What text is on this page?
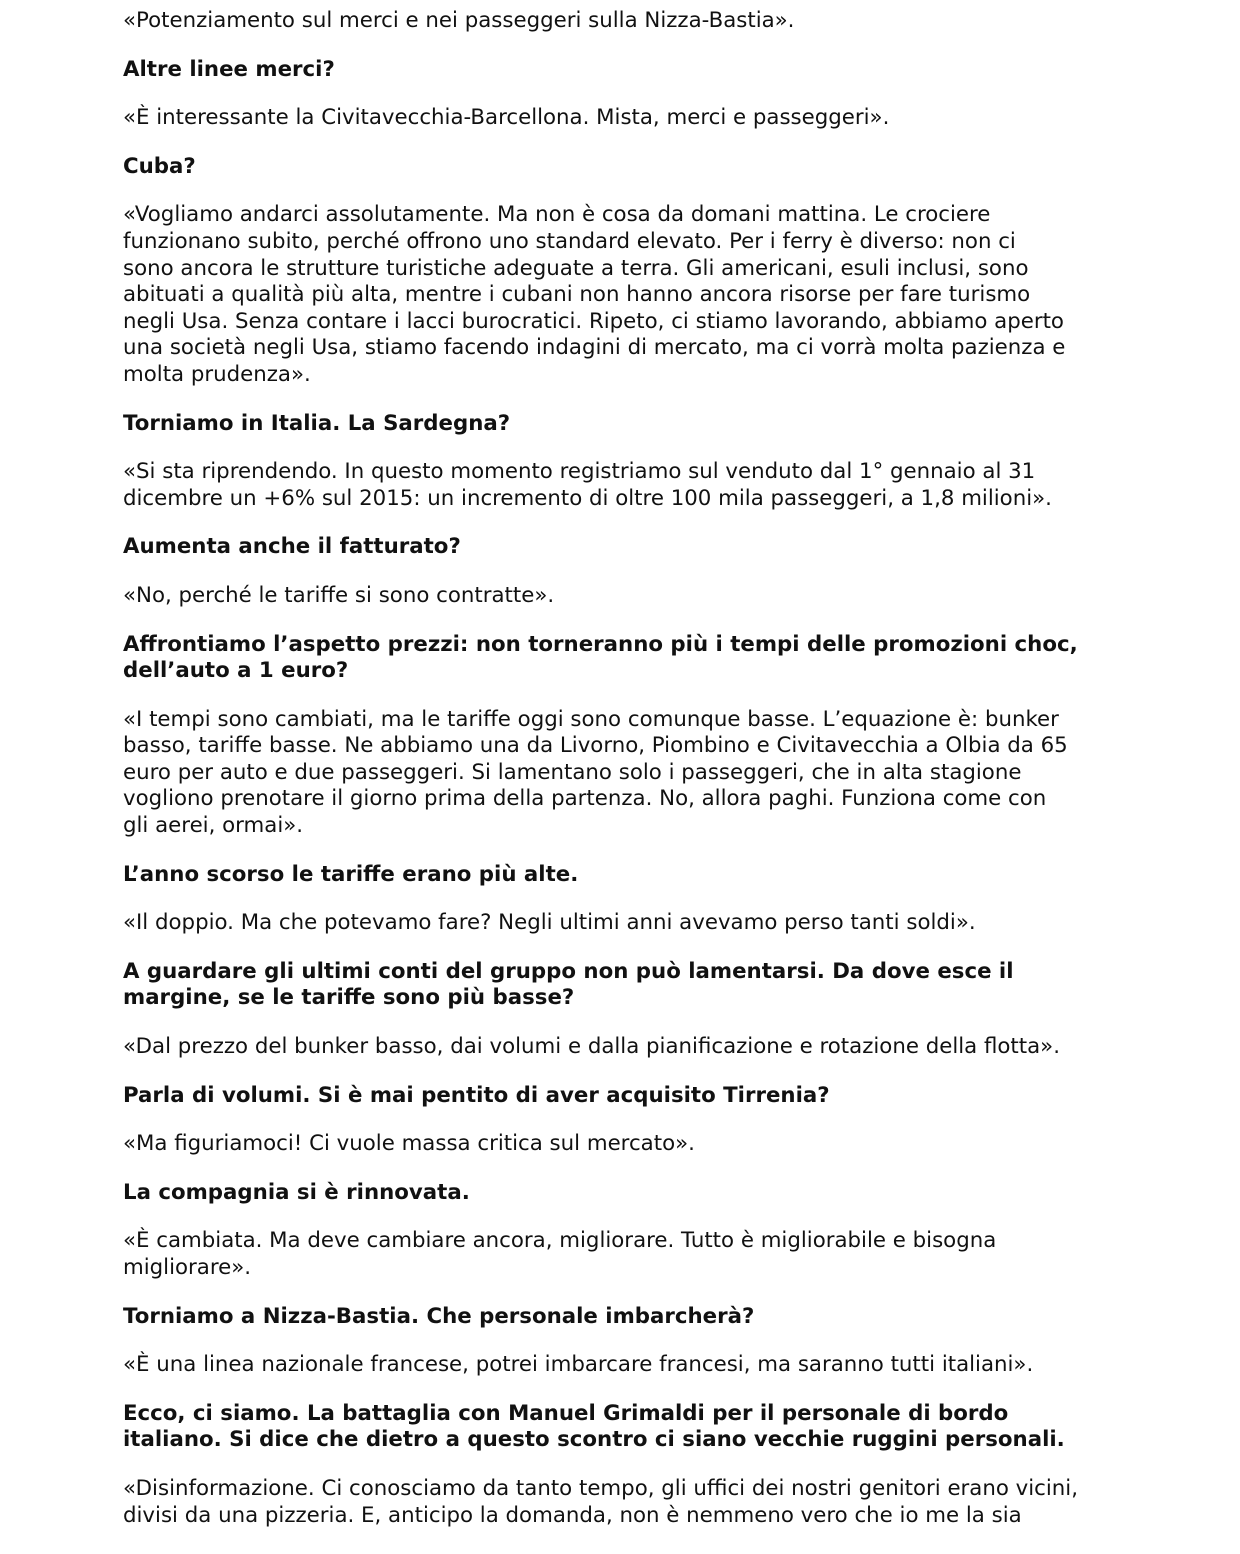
«Potenziamento sul merci e nei passeggeri sulla Nizza-Bastia».

Altre linee merci?

«È interessante la Civitavecchia-Barcellona. Mista, merci e passeggeri».

Cuba?

«Vogliamo andarci assolutamente. Ma non è cosa da domani mattina. Le crociere
funzionano subito, perché offrono uno standard elevato. Per i ferry è diverso: non ci
sono ancora le strutture turistiche adeguate a terra. Gli americani, esuli inclusi, sono
abituati a qualità più alta, mentre i cubani non hanno ancora risorse per fare turismo
negli Usa. Senza contare i lacci burocratici. Ripeto, ci stiamo lavorando, abbiamo aperto
una società negli Usa, stiamo facendo indagini di mercato, ma ci vorrà molta pazienza e
molta prudenza».

Torniamo in Italia. La Sardegna?

«Si sta riprendendo. In questo momento registriamo sul venduto dal 1° gennaio al 31
dicembre un +6% sul 2015: un incremento di oltre 100 mila passeggeri, a 1,8 milioni».

Aumenta anche il fatturato?

«No, perché le tariffe si sono contratte».

Affrontiamo l’aspetto prezzi: non torneranno più i tempi delle promozioni choc,
dell’auto a 1 euro?

«I tempi sono cambiati, ma le tariffe oggi sono comunque basse. L’equazione è: bunker
basso, tariffe basse. Ne abbiamo una da Livorno, Piombino e Civitavecchia a Olbia da 65
euro per auto e due passeggeri. Si lamentano solo i passeggeri, che in alta stagione
vogliono prenotare il giorno prima della partenza. No, allora paghi. Funziona come con
gli aerei, ormai».

L’anno scorso le tariffe erano più alte.

«Il doppio. Ma che potevamo fare? Negli ultimi anni avevamo perso tanti soldi».

A guardare gli ultimi conti del gruppo non può lamentarsi. Da dove esce il
margine, se le tariffe sono più basse?

«Dal prezzo del bunker basso, dai volumi e dalla pianificazione e rotazione della flotta».

Parla di volumi. Si è mai pentito di aver acquisito Tirrenia?

«Ma figuriamoci! Ci vuole massa critica sul mercato».

La compagnia si è rinnovata.

«È cambiata. Ma deve cambiare ancora, migliorare. Tutto è migliorabile e bisogna
migliorare».

Torniamo a Nizza-Bastia. Che personale imbarcherà?

«È una linea nazionale francese, potrei imbarcare francesi, ma saranno tutti italiani».

Ecco, ci siamo. La battaglia con Manuel Grimaldi per il personale di bordo
italiano. Si dice che dietro a questo scontro ci siano vecchie ruggini personali.

«Disinformazione. Ci conosciamo da tanto tempo, gli uffici dei nostri genitori erano vicini,
divisi da una pizzeria. E, anticipo la domanda, non è nemmeno vero che io me la sia
